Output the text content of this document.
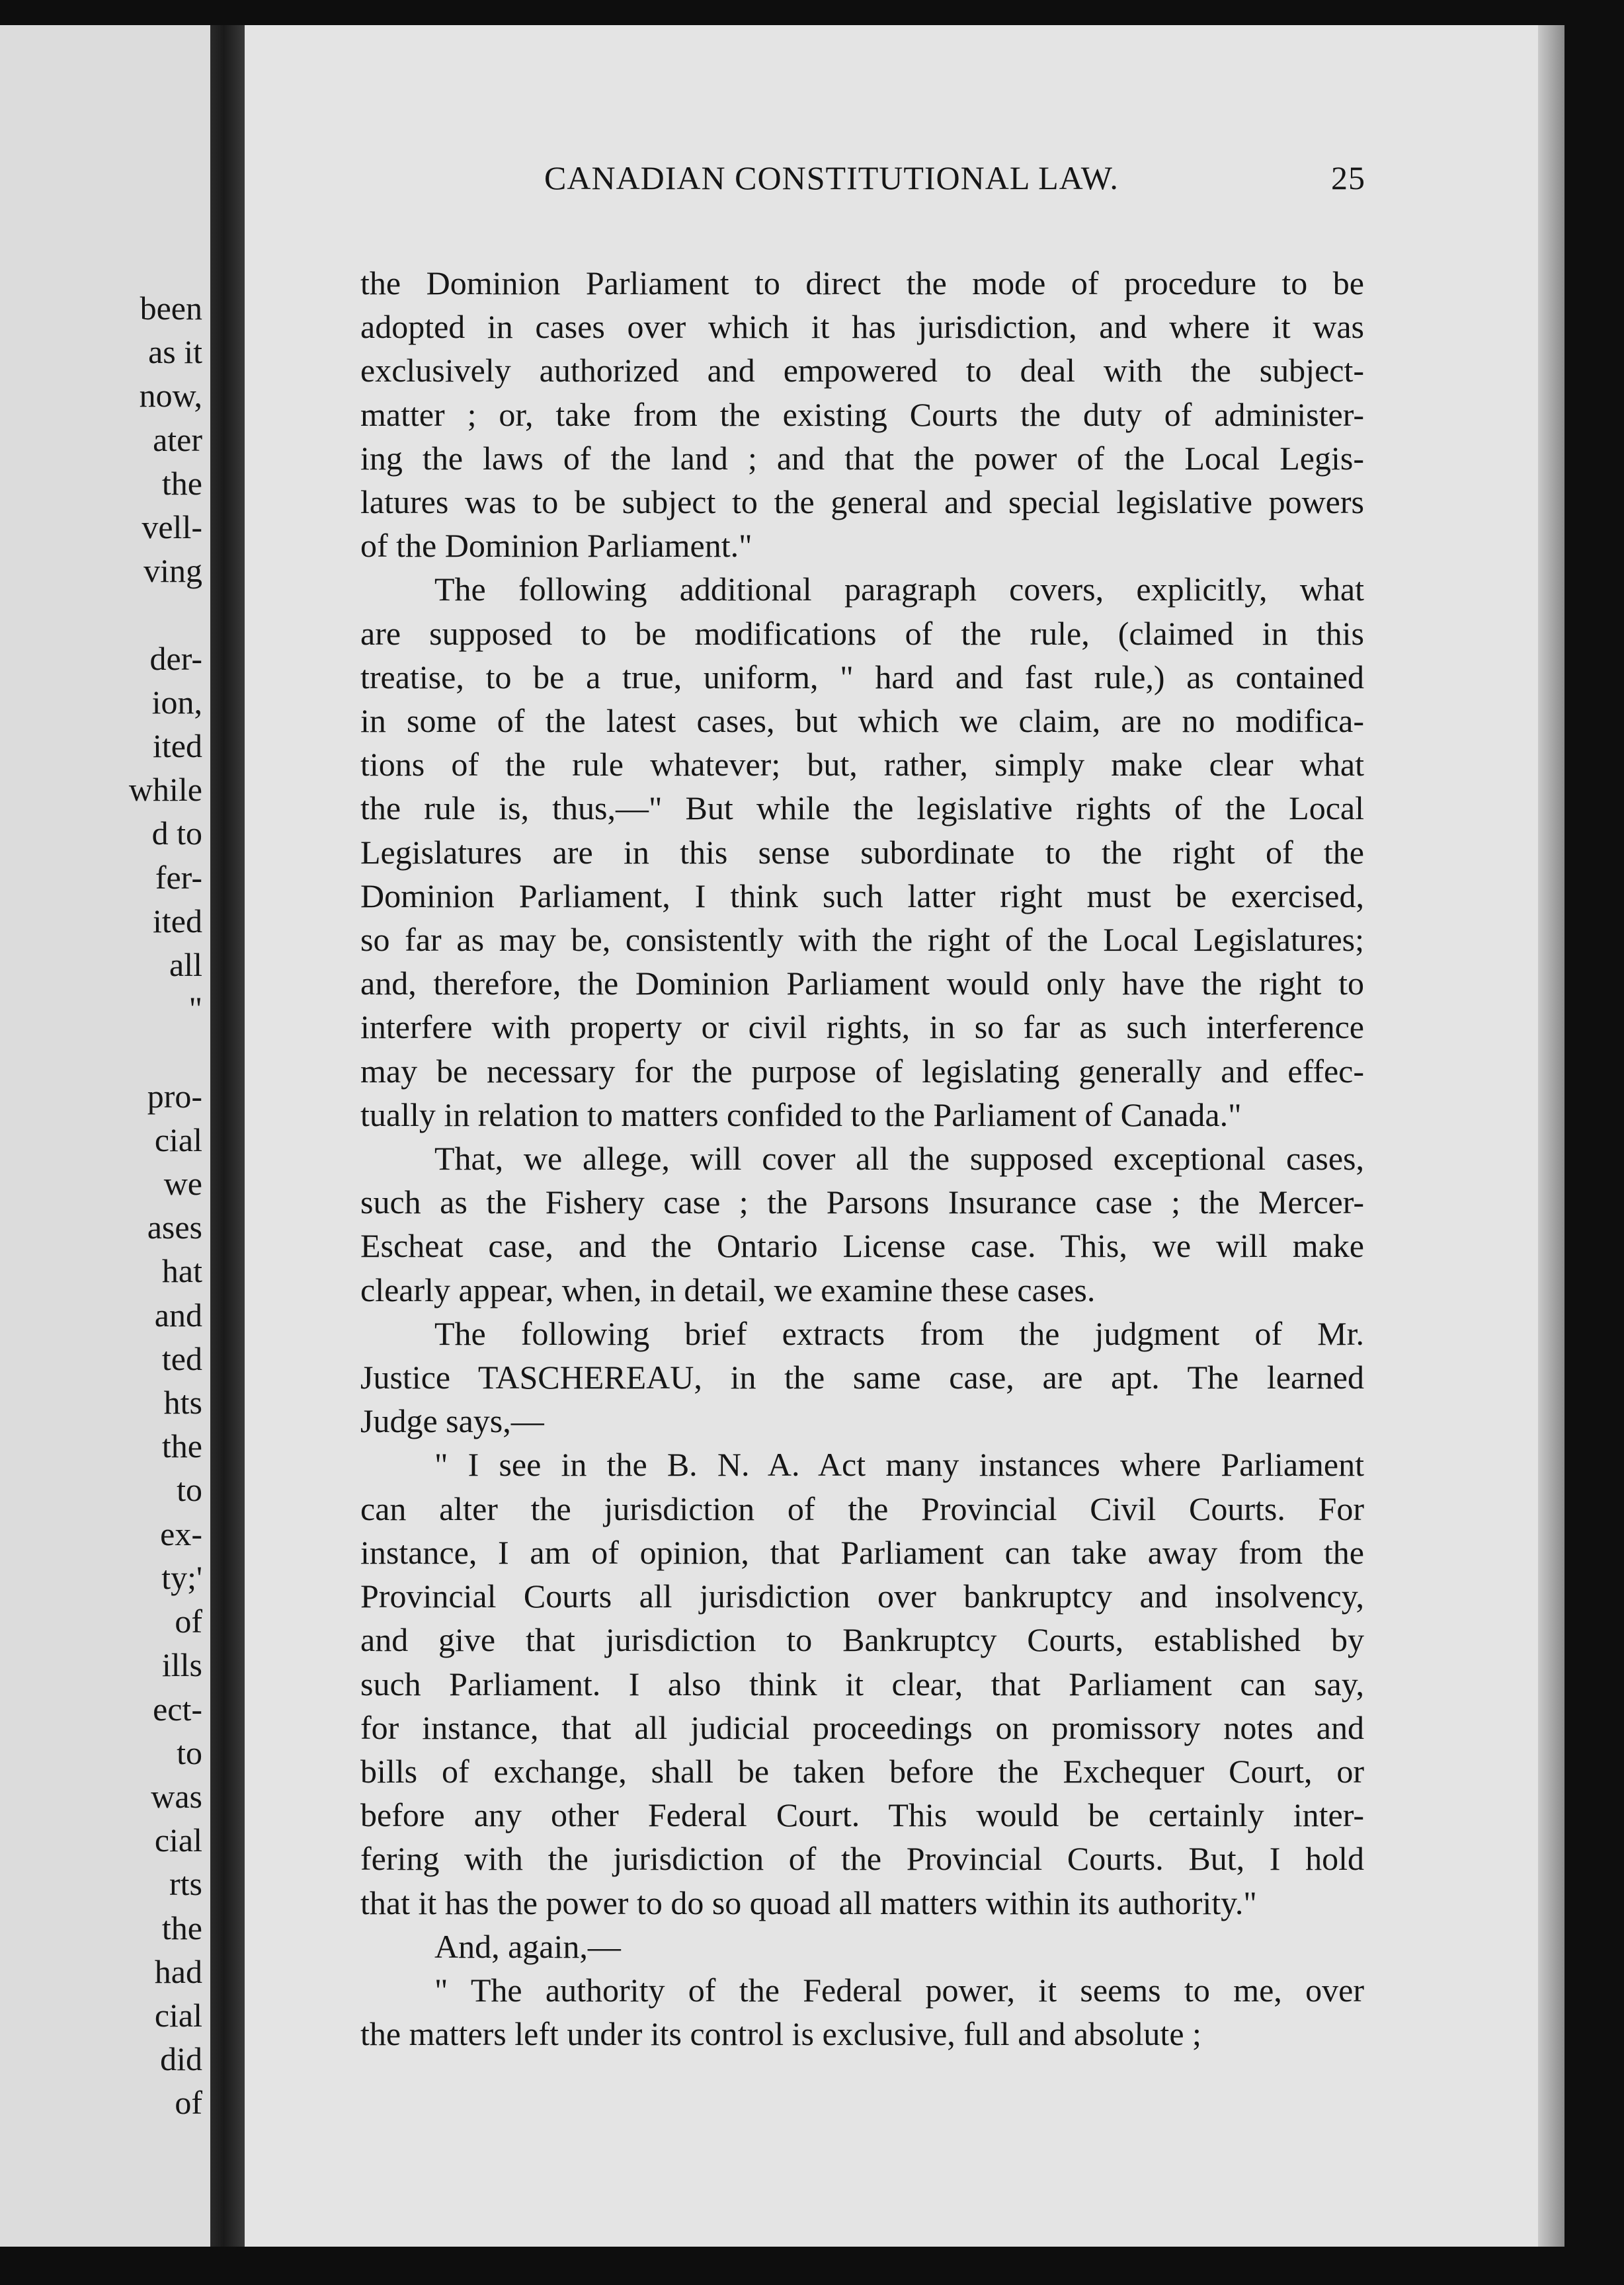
been
as it
now,
ater
the
vell-
ving

der-
ion,
ited
while
d to
fer-
ited
all
"

pro-
cial
we
ases
hat
and
ted
hts
the
to
ex-
ty;'
of
ills
ect-
to
was
cial
rts
the
had
cial
did
of
CANADIAN CONSTITUTIONAL LAW.	25

the Dominion Parliament to direct the mode of procedure to be
adopted in cases over which it has jurisdiction, and where it was
exclusively authorized and empowered to deal with the subject-
matter ; or, take from the existing Courts the duty of administer-
ing the laws of the land ; and that the power of the Local Legis-
latures was to be subject to the general and special legislative powers
of the Dominion Parliament."

The following additional paragraph covers, explicitly, what
are supposed to be modifications of the rule, (claimed in this
treatise, to be a true, uniform, " hard and fast rule,) as contained
in some of the latest cases, but which we claim, are no modifica-
tions of the rule whatever; but, rather, simply make clear what
the rule is, thus,—" But while the legislative rights of the Local
Legislatures are in this sense subordinate to the right of the
Dominion Parliament, I think such latter right must be exercised,
so far as may be, consistently with the right of the Local Legislatures;
and, therefore, the Dominion Parliament would only have the right to
interfere with property or civil rights, in so far as such interference
may be necessary for the purpose of legislating generally and effec-
tually in relation to matters confided to the Parliament of Canada."

That, we allege, will cover all the supposed exceptional cases,
such as the Fishery case ; the Parsons Insurance case ; the Mercer-
Escheat case, and the Ontario License case. This, we will make
clearly appear, when, in detail, we examine these cases.

The following brief extracts from the judgment of Mr.
Justice TASCHEREAU, in the same case, are apt. The learned
Judge says,—

" I see in the B. N. A. Act many instances where Parliament
can alter the jurisdiction of the Provincial Civil Courts. For
instance, I am of opinion, that Parliament can take away from the
Provincial Courts all jurisdiction over bankruptcy and insolvency,
and give that jurisdiction to Bankruptcy Courts, established by
such Parliament. I also think it clear, that Parliament can say,
for instance, that all judicial proceedings on promissory notes and
bills of exchange, shall be taken before the Exchequer Court, or
before any other Federal Court. This would be certainly inter-
fering with the jurisdiction of the Provincial Courts. But, I hold
that it has the power to do so quoad all matters within its authority."

And, again,—

" The authority of the Federal power, it seems to me, over
the matters left under its control is exclusive, full and absolute ;
